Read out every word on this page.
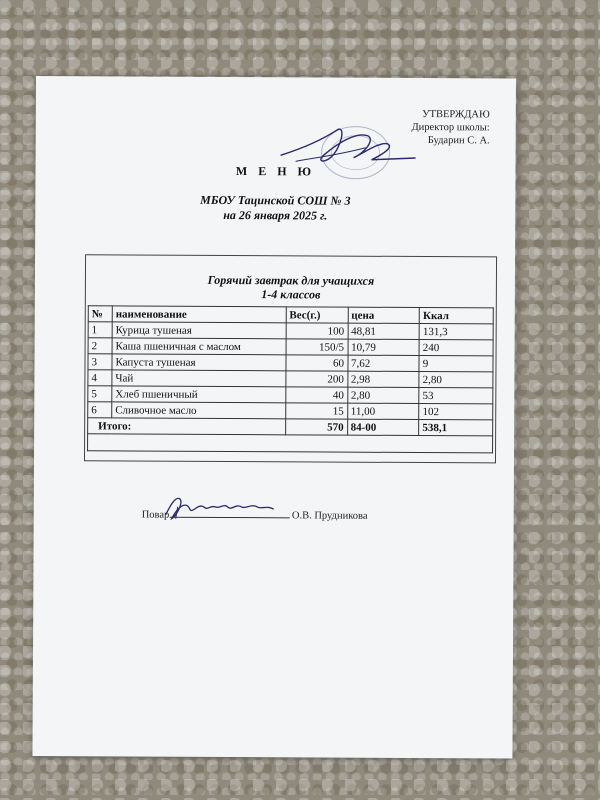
УТВЕРЖДАЮ
Директор школы:
Бударин С. А.
М Е Н Ю
МБОУ Тацинской СОШ № 3
на 26 января 2025 г.
Горячий завтрак для учащихся
1-4 классов
№	наименование	Вес(г.)	цена	Ккал
1	Курица тушеная	100	48,81	131,3
2	Каша пшеничная с маслом	150/5	10,79	240
3	Капуста тушеная	60	7,62	9
4	Чай	200	2,98	2,80
5	Хлеб пшеничный	40	2,80	53
6	Сливочное масло	15	11,00	102
Итого:		570	84-00	538,1

Повар	О.В. Прудникова
